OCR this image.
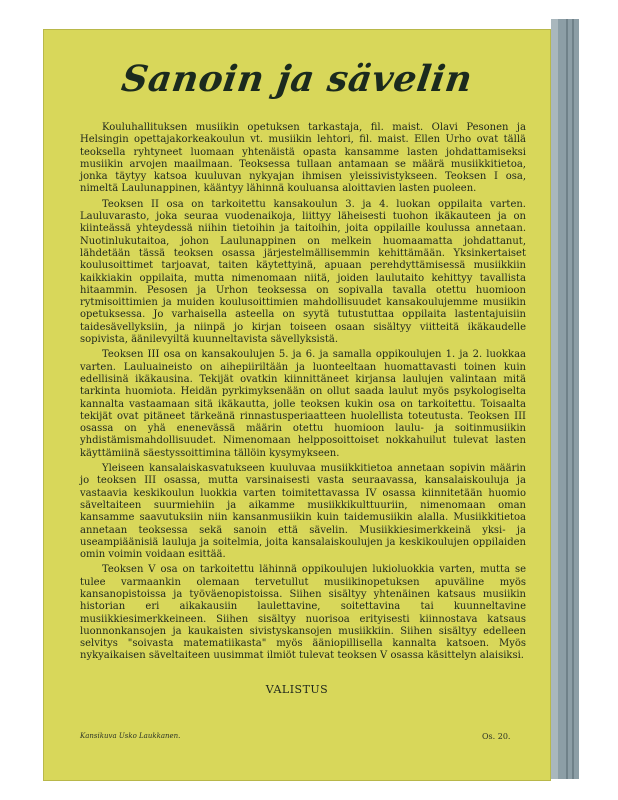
Sanoin ja sävelin

Kouluhallituksen musiikin opetuksen tarkastaja, fil. maist. Olavi Pesonen ja Helsingin opettajakorkeakoulun vt. musiikin lehtori, fil. maist. Ellen Urho ovat tällä teoksella ryhtyneet luomaan yhtenäistä opasta kansamme lasten johdattamiseksi musiikin arvojen maailmaan. Teoksessa tullaan antamaan se määrä musiikkitietoa, jonka täytyy katsoa kuuluvan nykyajan ihmisen yleissivistykseen. Teoksen I osa, nimeltä Laulunappinen, kääntyy lähinnä kouluansa aloittavien lasten puoleen.

Teoksen II osa on tarkoitettu kansakoulun 3. ja 4. luokan oppilaita varten. Lauluvarasto, joka seuraa vuodenaikoja, liittyy läheisesti tuohon ikäkauteen ja on kiinteässä yhteydessä niihin tietoihin ja taitoihin, joita oppilaille koulussa annetaan. Nuotinlukutaitoa, johon Laulunappinen on melkein huomaamatta johdattanut, lähdetään tässä teoksen osassa järjestelmällisemmin kehittämään. Yksinkertaiset koulusoittimet tarjoavat, taiten käytettyinä, apuaan perehdyttämisessä musiikkiin kaikkiakin oppilaita, mutta nimenomaan niitä, joiden laulutaito kehittyy tavallista hitaammin. Pesosen ja Urhon teoksessa on sopivalla tavalla otettu huomioon rytmisoittimien ja muiden koulusoittimien mahdollisuudet kansakoulujemme musiikin opetuksessa. Jo varhaisella asteella on syytä tutustuttaa oppilaita lastentajuisiin taidesävellyksiin, ja niinpä jo kirjan toiseen osaan sisältyy viitteitä ikäkaudelle sopivista, äänilevyiltä kuunneltavista sävellyksistä.

Teoksen III osa on kansakoulujen 5. ja 6. ja samalla oppikoulujen 1. ja 2. luokkaa varten. Lauluaineisto on aihepiiriltään ja luonteeltaan huomattavasti toinen kuin edellisinä ikäkausina. Tekijät ovatkin kiinnittäneet kirjansa laulujen valintaan mitä tarkinta huomiota. Heidän pyrkimyksenään on ollut saada laulut myös psykologiselta kannalta vastaamaan sitä ikäkautta, jolle teoksen kukin osa on tarkoitettu. Toisaalta tekijät ovat pitäneet tärkeänä rinnastusperiaatteen huolellista toteutusta. Teoksen III osassa on yhä enenevässä määrin otettu huomioon laulu- ja soitinmusiikin yhdistämismahdollisuudet. Nimenomaan helpposoittoiset nokkahuilut tulevat lasten käyttämiinä säestyssoittimina tällöin kysymykseen.

Yleiseen kansalaiskasvatukseen kuuluvaa musiikkitietoa annetaan sopivin määrin jo teoksen III osassa, mutta varsinaisesti vasta seuraavassa, kansalaiskouluja ja vastaavia keskikoulun luokkia varten toimitettavassa IV osassa kiinnitetään huomio säveltaiteen suurmiehiin ja aikamme musiikkikulttuuriin, nimenomaan oman kansamme saavutuksiin niin kansanmusiikin kuin taidemusiikin alalla. Musiikkitietoa annetaan teoksessa sekä sanoin että sävelin. Musiikkiesimerkkeinä yksi- ja useampiäänisiä lauluja ja soitelmia, joita kansalaiskoulujen ja keskikoulujen oppilaiden omin voimin voidaan esittää.

Teoksen V osa on tarkoitettu lähinnä oppikoulujen lukioluokkia varten, mutta se tulee varmaankin olemaan tervetullut musiikinopetuksen apuväline myös kansanopistoissa ja työväenopistoissa. Siihen sisältyy yhtenäinen katsaus musiikin historian eri aikakausiin laulettavine, soitettavina tai kuunneltavine musiikkiesimerkkeineen. Siihen sisältyy nuorisoa erityisesti kiinnostava katsaus luonnonkansojen ja kaukaisten sivistyskansojen musiikkiin. Siihen sisältyy edelleen selvitys "soivasta matematiikasta" myös ääniopillisella kannalta katsoen. Myös nykyaikaisen säveltaiteen uusimmat ilmiöt tulevat teoksen V osassa käsittelyn alaisiksi.

VALISTUS
Kansikuva Usko Laukkanen.	Os. 20.
